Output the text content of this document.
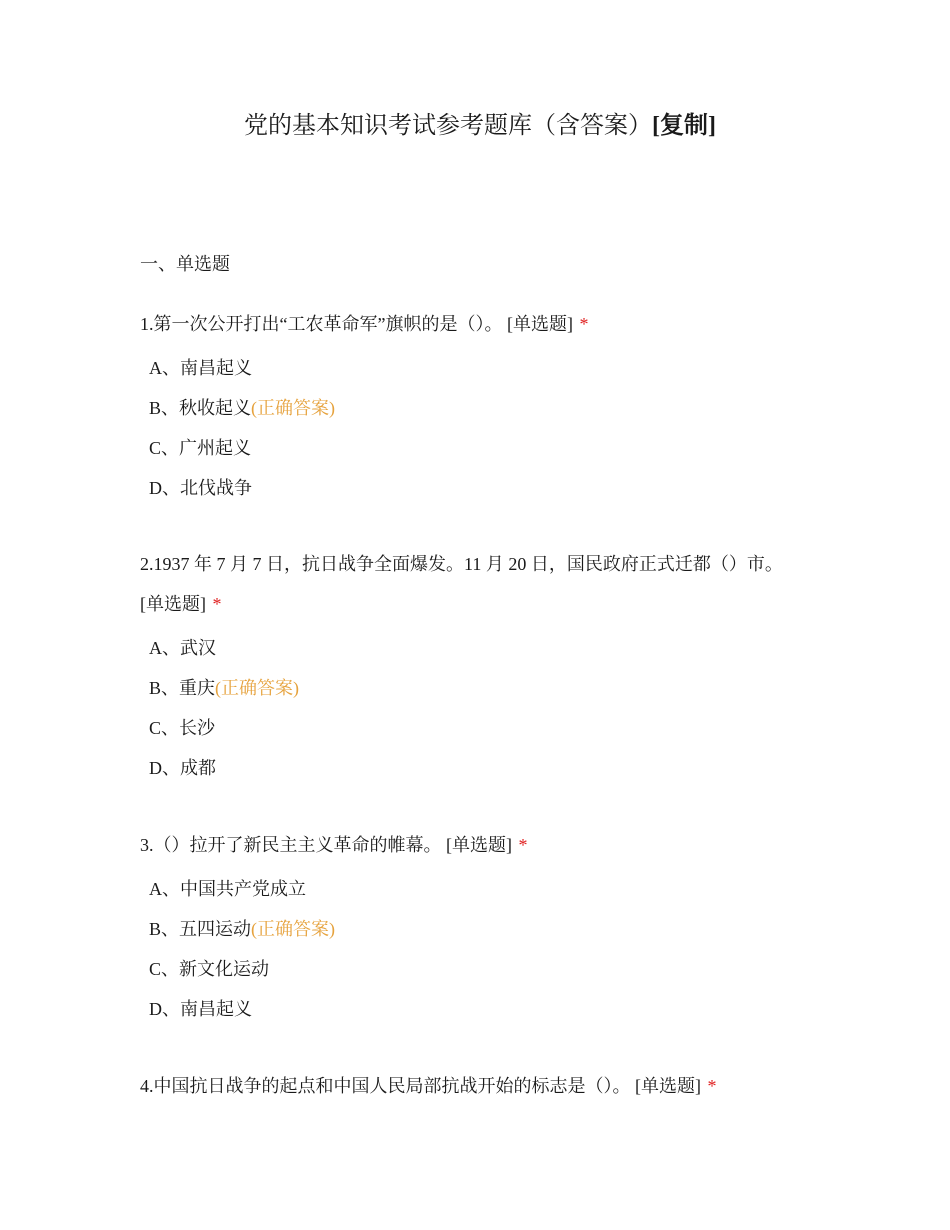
党的基本知识考试参考题库（含答案）[复制]
一、单选题

1.第一次公开打出“工农革命军”旗帜的是（）。 [单选题] *

A、南昌起义
B、秋收起义(正确答案)
C、广州起义
D、北伐战争

2.1937 年 7 月 7 日，抗日战争全面爆发。11 月 20 日，国民政府正式迁都（）市。
[单选题] *

A、武汉
B、重庆(正确答案)
C、长沙
D、成都

3.（）拉开了新民主主义革命的帷幕。 [单选题] *

A、中国共产党成立
B、五四运动(正确答案)
C、新文化运动
D、南昌起义

4.中国抗日战争的起点和中国人民局部抗战开始的标志是（）。 [单选题] *
